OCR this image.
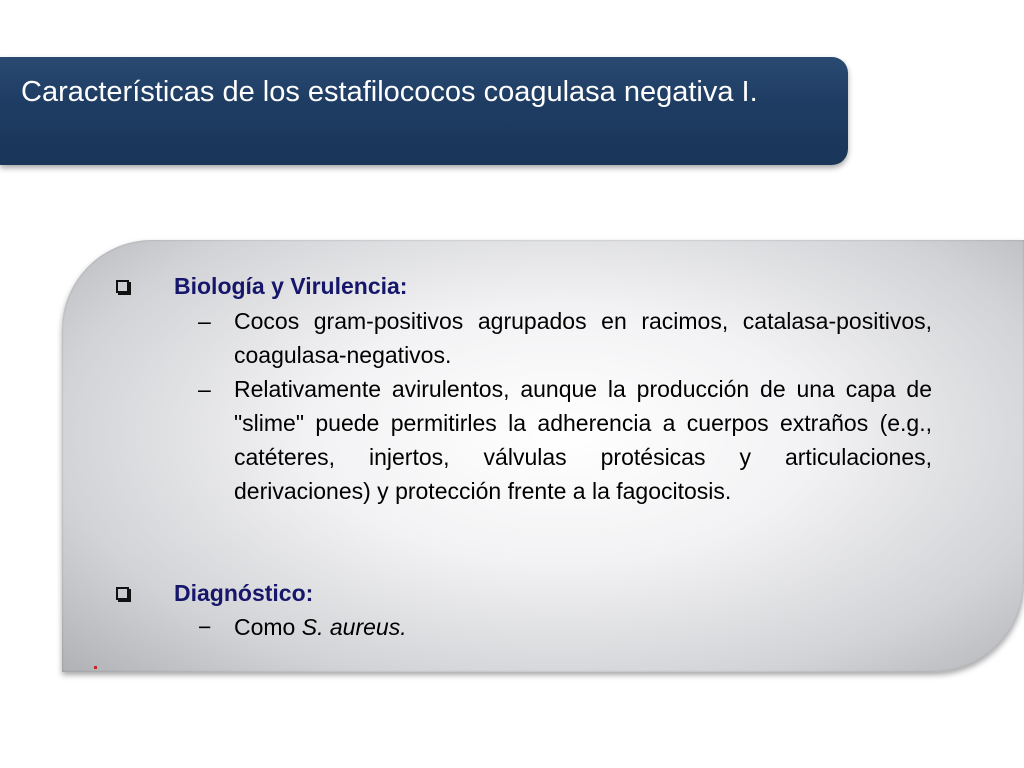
Características de los estafilococos coagulasa negativa I.
Biología y Virulencia:
– Cocos gram-positivos agrupados en racimos, catalasa-positivos, coagulasa-negativos.
– Relativamente avirulentos, aunque la producción de una capa de "slime" puede permitirles la adherencia a cuerpos extraños (e.g., catéteres, injertos, válvulas protésicas y articulaciones, derivaciones) y protección frente a la fagocitosis.
Diagnóstico:
− Como S. aureus.
